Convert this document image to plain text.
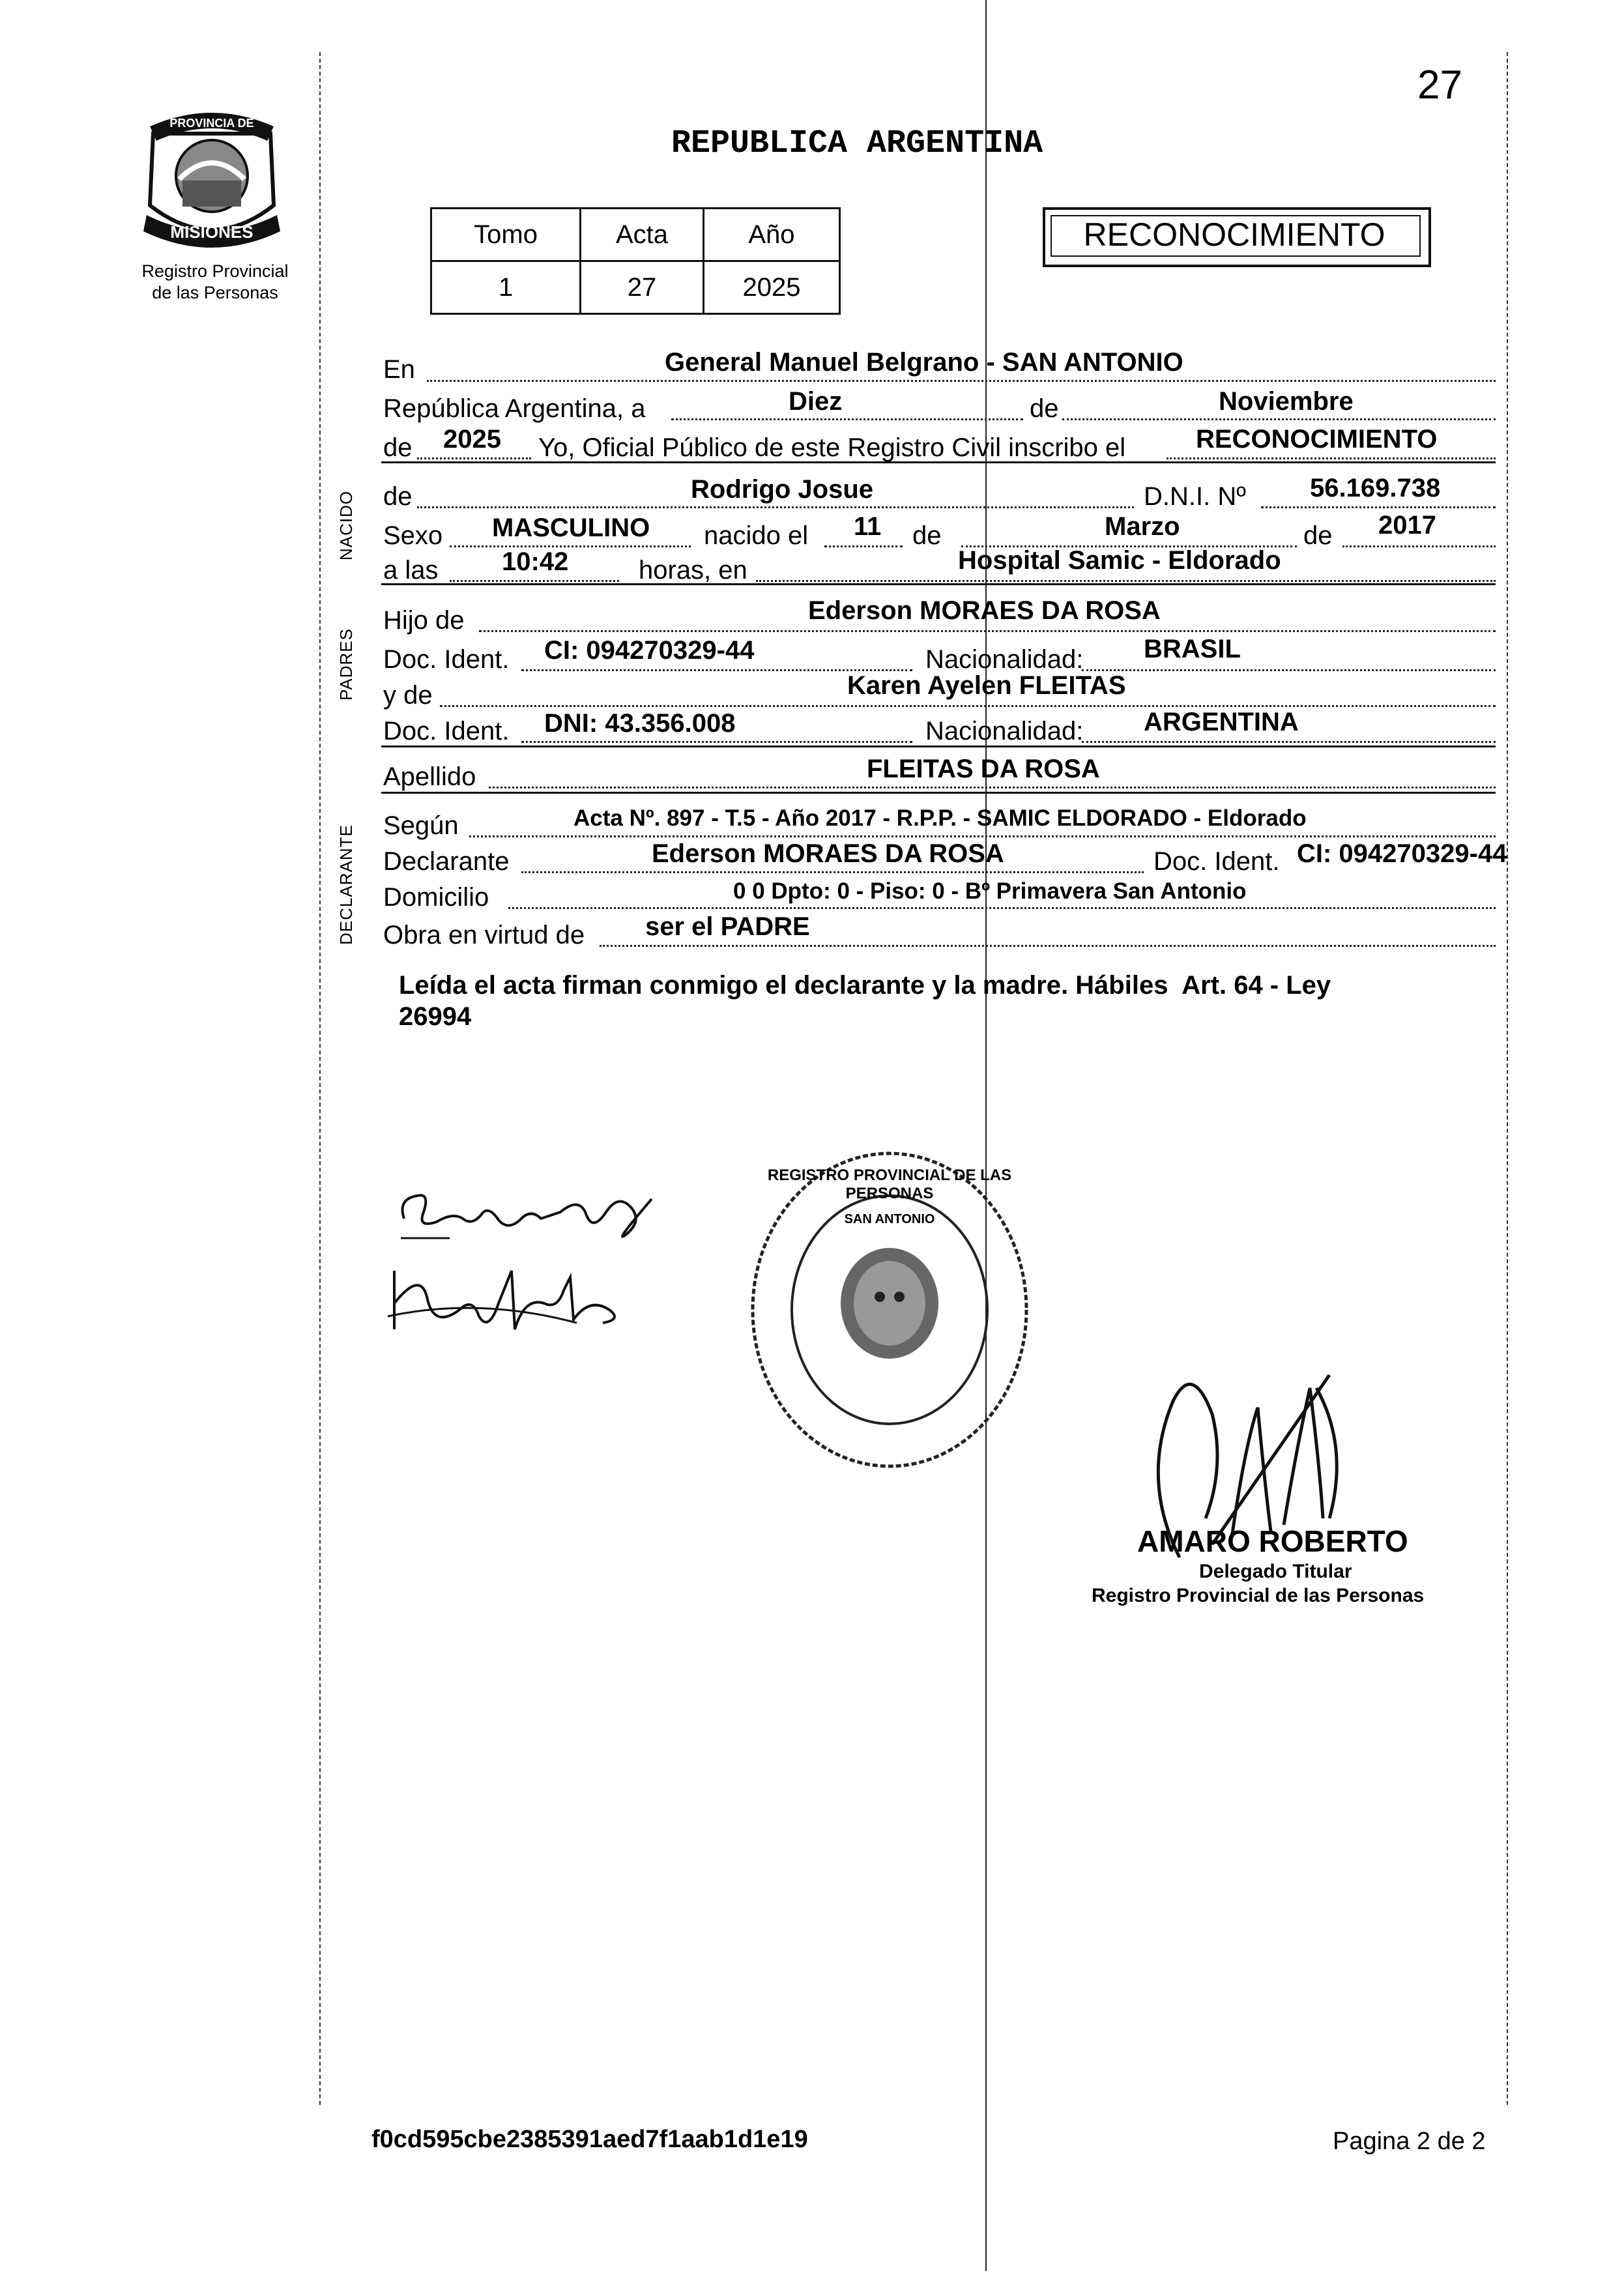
27
PROVINCIA DE
MISIONES
Registro Provincial
de las Personas
REPUBLICA ARGENTINA
Tomo	Acta	Año
1	27	2025
RECONOCIMIENTO
NACIDO
PADRES
DECLARANTE
En	General Manuel Belgrano - SAN ANTONIO
República Argentina, a	Diez	de	Noviembre
de 2025 Yo, Oficial Público de este Registro Civil inscribo el	RECONOCIMIENTO
de	Rodrigo Josue	D.N.I. Nº 56.169.738
Sexo MASCULINO nacido el 11 de	Marzo	de 2017
a las 10:42	horas, en	Hospital Samic - Eldorado
Hijo de	Ederson MORAES DA ROSA
Doc. Ident. CI: 094270329-44	Nacionalidad: BRASIL
y de	Karen Ayelen FLEITAS
Doc. Ident. DNI: 43.356.008	Nacionalidad: ARGENTINA
Apellido	FLEITAS DA ROSA
Según	Acta Nº. 897 - T.5 - Año 2017 - R.P.P. - SAMIC ELDORADO - Eldorado
Declarante	Ederson MORAES DA ROSA	Doc. Ident. CI: 094270329-44
Domicilio	0 0 Dpto: 0 - Piso: 0 - Bº Primavera San Antonio
Obra en virtud de ser el PADRE
Leída el acta firman conmigo el declarante y la madre. Hábiles  Art. 64 - Ley
26994
REGISTRO PROVINCIAL DE LAS PERSONAS
SAN ANTONIO
AMARO ROBERTO
Delegado Titular
Registro Provincial de las Personas
f0cd595cbe2385391aed7f1aab1d1e19	Pagina 2 de 2
